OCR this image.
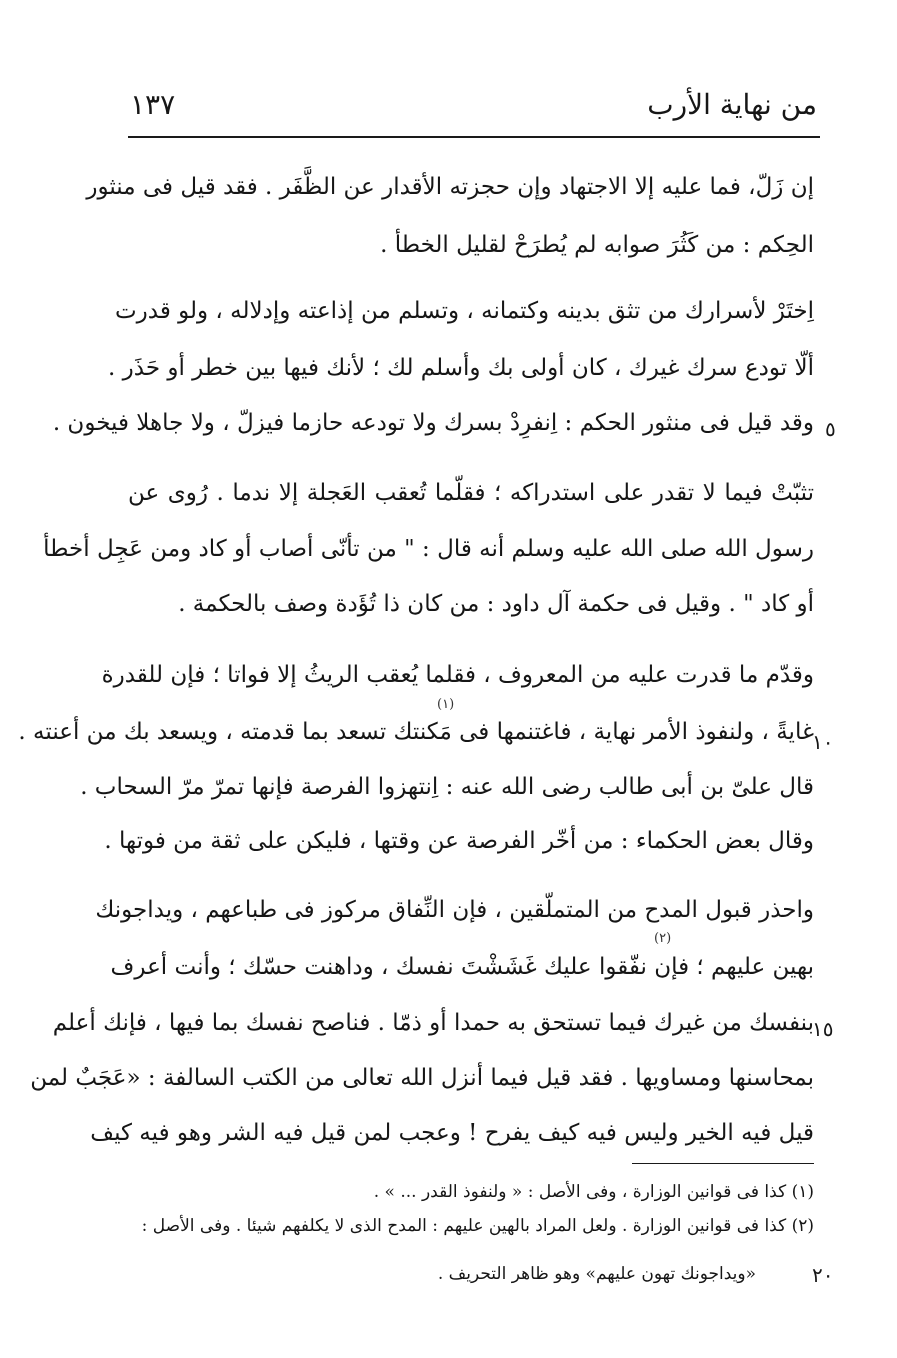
١٣٧	من نهاية الأرب
إن زَلّ، فما عليه إلا الاجتهاد وإن حجزته الأقدار عن الظَّفَر . فقد قيل فى منثور
الحِكم : من كَثُرَ صوابه لم يُطرَحْ لقليل الخطأ .
اِختَرْ لأسرارك من تثق بدينه وكتمانه ، وتسلم من إذاعته وإدلاله ، ولو قدرت
ألّا تودع سرك غيرك ، كان أولى بك وأسلم لك ؛ لأنك فيها بين خطر أو حَذَر .
وقد قيل فى منثور الحكم : اِنفرِدْ بسرك ولا تودعه حازما فيزلّ ، ولا جاهلا فيخون .
تثبّتْ فيما لا تقدر على استدراكه ؛ فقلّما تُعقب العَجلة إلا ندما . رُوى عن
رسول الله صلى الله عليه وسلم أنه قال : " من تأنّى أصاب أو كاد ومن عَجِل أخطأ
أو كاد " . وقيل فى حكمة آل داود : من كان ذا تُؤَدة وصف بالحكمة .
وقدّم ما قدرت عليه من المعروف ، فقلما يُعقب الريثُ إلا فواتا ؛ فإن للقدرة
غايةً ، ولنفوذ الأمر نهاية ، فاغتنمها فى مَكنتك تسعد بما قدمته ، ويسعد بك من أعنته .
قال علىّ بن أبى طالب رضى الله عنه : اِنتهزوا الفرصة فإنها تمرّ مرّ السحاب .
وقال بعض الحكماء : من أخّر الفرصة عن وقتها ، فليكن على ثقة من فوتها .
واحذر قبول المدح من المتملّقين ، فإن النِّفاق مركوز فى طباعهم ، ويداجونك
بهين عليهم ؛ فإن نفّقوا عليك غَشَشْتَ نفسك ، وداهنت حسّك ؛ وأنت أعرف
بنفسك من غيرك فيما تستحق به حمدا أو ذمّا . فناصح نفسك بما فيها ، فإنك أعلم
بمحاسنها ومساويها . فقد قيل فيما أنزل الله تعالى من الكتب السالفة : «عَجَبٌ لمن
قيل فيه الخير وليس فيه كيف يفرح ! وعجب لمن قيل فيه الشر وهو فيه كيف
(١)
(٢)
٥
١٠
١٥
٢٠
(١) كذا فى قوانين الوزارة ، وفى الأصل : « ولنفوذ القدر ... » .
(٢) كذا فى قوانين الوزارة . ولعل المراد بالهين عليهم : المدح الذى لا يكلفهم شيئا . وفى الأصل :
«ويداجونك تهون عليهم» وهو ظاهر التحريف .
